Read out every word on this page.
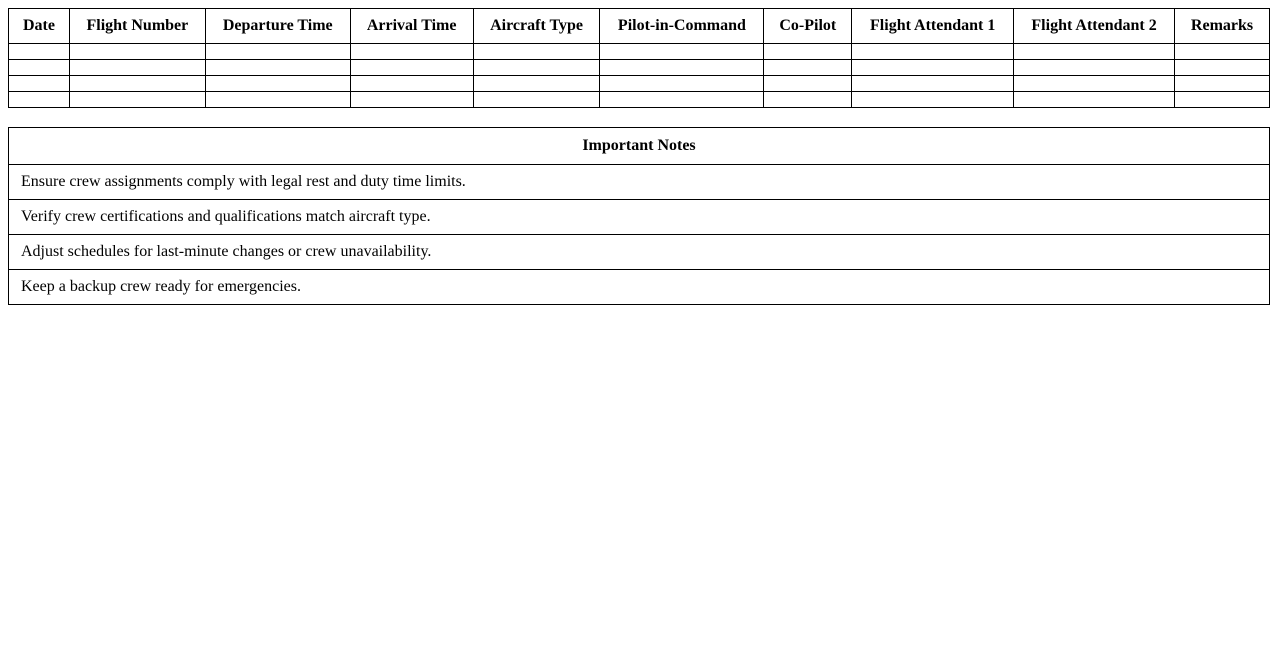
Date	Flight Number	Departure Time	Arrival Time	Aircraft Type	Pilot-in-Command	Co-Pilot	Flight Attendant 1	Flight Attendant 2	Remarks

Important Notes
Ensure crew assignments comply with legal rest and duty time limits.
Verify crew certifications and qualifications match aircraft type.
Adjust schedules for last-minute changes or crew unavailability.
Keep a backup crew ready for emergencies.
